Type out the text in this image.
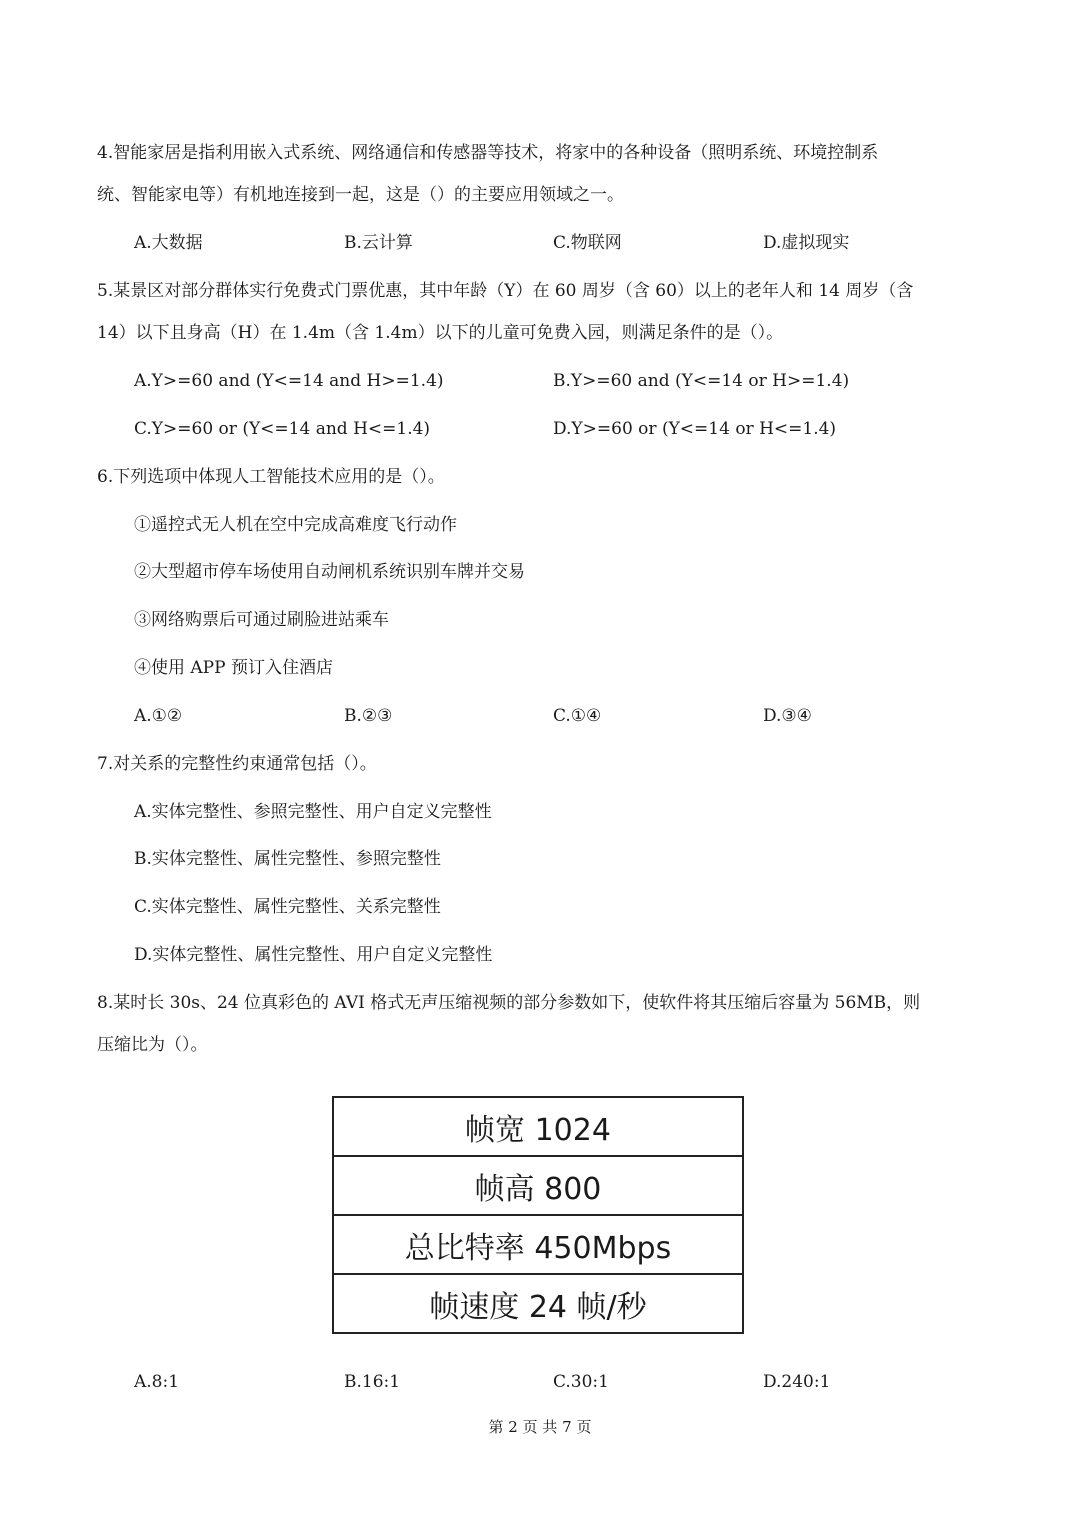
4.智能家居是指利用嵌入式系统、网络通信和传感器等技术，将家中的各种设备（照明系统、环境控制系
统、智能家电等）有机地连接到一起，这是（）的主要应用领域之一。
A.大数据	B.云计算	C.物联网	D.虚拟现实
5.某景区对部分群体实行免费式门票优惠，其中年龄（Y）在 60 周岁（含 60）以上的老年人和 14 周岁（含
14）以下且身高（H）在 1.4m（含 1.4m）以下的儿童可免费入园，则满足条件的是（）。
A.Y>=60 and (Y<=14 and H>=1.4)	B.Y>=60 and (Y<=14 or H>=1.4)
C.Y>=60 or (Y<=14 and H<=1.4)	D.Y>=60 or (Y<=14 or H<=1.4)
6.下列选项中体现人工智能技术应用的是（）。
①遥控式无人机在空中完成高难度飞行动作
②大型超市停车场使用自动闸机系统识别车牌并交易
③网络购票后可通过刷脸进站乘车
④使用 APP 预订入住酒店
A.①②	B.②③	C.①④	D.③④
7.对关系的完整性约束通常包括（）。
A.实体完整性、参照完整性、用户自定义完整性
B.实体完整性、属性完整性、参照完整性
C.实体完整性、属性完整性、关系完整性
D.实体完整性、属性完整性、用户自定义完整性
8.某时长 30s、24 位真彩色的 AVI 格式无声压缩视频的部分参数如下，使软件将其压缩后容量为 56MB，则
压缩比为（）。
帧宽 1024
帧高 800
总比特率 450Mbps
帧速度 24 帧/秒
A.8:1	B.16:1	C.30:1	D.240:1
第 2 页 共 7 页
